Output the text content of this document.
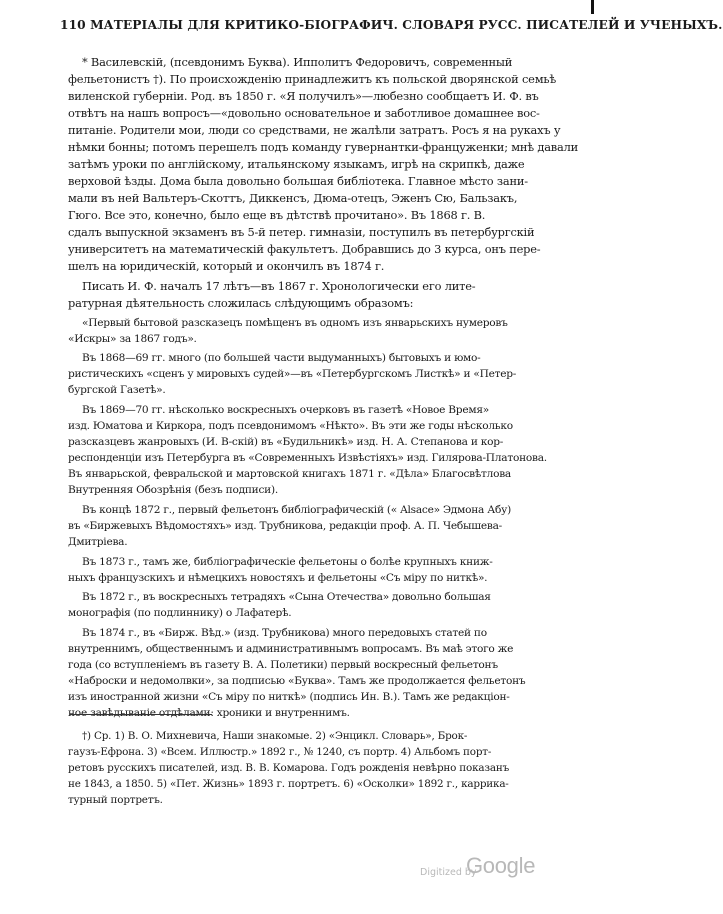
110 МАТЕРІАЛЫ ДЛЯ КРИТИКО-БІОГРАФИЧ. СЛОВАРЯ РУСС. ПИСАТЕЛЕЙ И УЧЕНЫХЪ.
* Василевскій, (псевдонимъ Буква). Ипполитъ Федоровичъ, современный
фельетонистъ †). По происхожденію принадлежитъ къ польской дворянской семьѣ
виленской губерніи. Род. въ 1850 г. «Я получилъ»—любезно сообщаетъ И. Ф. въ
отвѣтъ на нашъ вопросъ—«довольно основательное и заботливое домашнее вос-
питаніе. Родители мои, люди со средствами, не жалѣли затратъ. Росъ я на рукахъ у
нѣмки бонны; потомъ перешелъ подъ команду гувернантки-француженки; мнѣ давали
затѣмъ уроки по англійскому, итальянскому языкамъ, игрѣ на скрипкѣ, даже
верховой ѣзды. Дома была довольно большая библіотека. Главное мѣсто зани-
мали въ ней Вальтеръ-Скоттъ, Диккенсъ, Дюма-отецъ, Эженъ Сю, Бальзакъ,
Гюго. Все это, конечно, было еще въ дѣтствѣ прочитано». Въ 1868 г. В.
сдалъ выпускной экзаменъ въ 5-й петер. гимназіи, поступилъ въ петербургскій
университетъ на математическій факультетъ. Добравшись до 3 курса, онъ пере-
шелъ на юридическій, который и окончилъ въ 1874 г.
Писать И. Ф. началъ 17 лѣтъ—въ 1867 г. Хронологически его лите-
ратурная дѣятельность сложилась слѣдующимъ образомъ:
«Первый бытовой разсказецъ помѣщенъ въ одномъ изъ январьскихъ нумеровъ
«Искры» за 1867 годъ».
Въ 1868—69 гг. много (по большей части выдуманныхъ) бытовыхъ и юмо-
ристическихъ «сценъ у мировыхъ судей»—въ «Петербургскомъ Листкѣ» и «Петер-
бургской Газетѣ».
Въ 1869—70 гг. нѣсколько воскресныхъ очерковъ въ газетѣ «Новое Время»
изд. Юматова и Киркора, подъ псевдонимомъ «Нѣкто». Въ эти же годы нѣсколько
разсказцевъ жанровыхъ (И. В-скій) въ «Будильникѣ» изд. Н. А. Степанова и кор-
респонденціи изъ Петербурга въ «Современныхъ Извѣстіяхъ» изд. Гилярова-Платонова.
Въ январьской, февральской и мартовской книгахъ 1871 г. «Дѣла» Благосвѣтлова
Внутренняя Обозрѣнія (безъ подписи).
Въ концѣ 1872 г., первый фельетонъ библіографическій (« Alsace» Эдмона Абу)
въ «Биржевыхъ Вѣдомостяхъ» изд. Трубникова, редакціи проф. А. П. Чебышева-
Дмитріева.
Въ 1873 г., тамъ же, библіографическіе фельетоны о болѣе крупныхъ книж-
ныхъ французскихъ и нѣмецкихъ новостяхъ и фельетоны «Съ міру по ниткѣ».
Въ 1872 г., въ воскресныхъ тетрадяхъ «Сына Отечества» довольно большая
монографія (по подлиннику) о Лафатерѣ.
Въ 1874 г., въ «Бирж. Вѣд.» (изд. Трубникова) много передовыхъ статей по
внутреннимъ, общественнымъ и административнымъ вопросамъ. Въ маѣ этого же
года (со вступленіемъ въ газету В. А. Полетики) первый воскресный фельетонъ
«Наброски и недомолвки», за подписью «Буква». Тамъ же продолжается фельетонъ
изъ иностранной жизни «Съ міру по ниткѣ» (подпись Ин. В.). Тамъ же редакціон-
ное завѣдываніе отдѣлами: хроники и внутреннимъ.
†) Ср. 1) В. О. Михневича, Наши знакомые. 2) «Энцикл. Словарь», Брок-
гаузъ-Ефрона. 3) «Всем. Иллюстр.» 1892 г., № 1240, съ портр. 4) Альбомъ порт-
ретовъ русскихъ писателей, изд. В. В. Комарова. Годъ рожденія невѣрно показанъ
не 1843, а 1850. 5) «Пет. Жизнь» 1893 г. портретъ. 6) «Осколки» 1892 г., каррика-
турный портретъ.
Digitized by
Google
